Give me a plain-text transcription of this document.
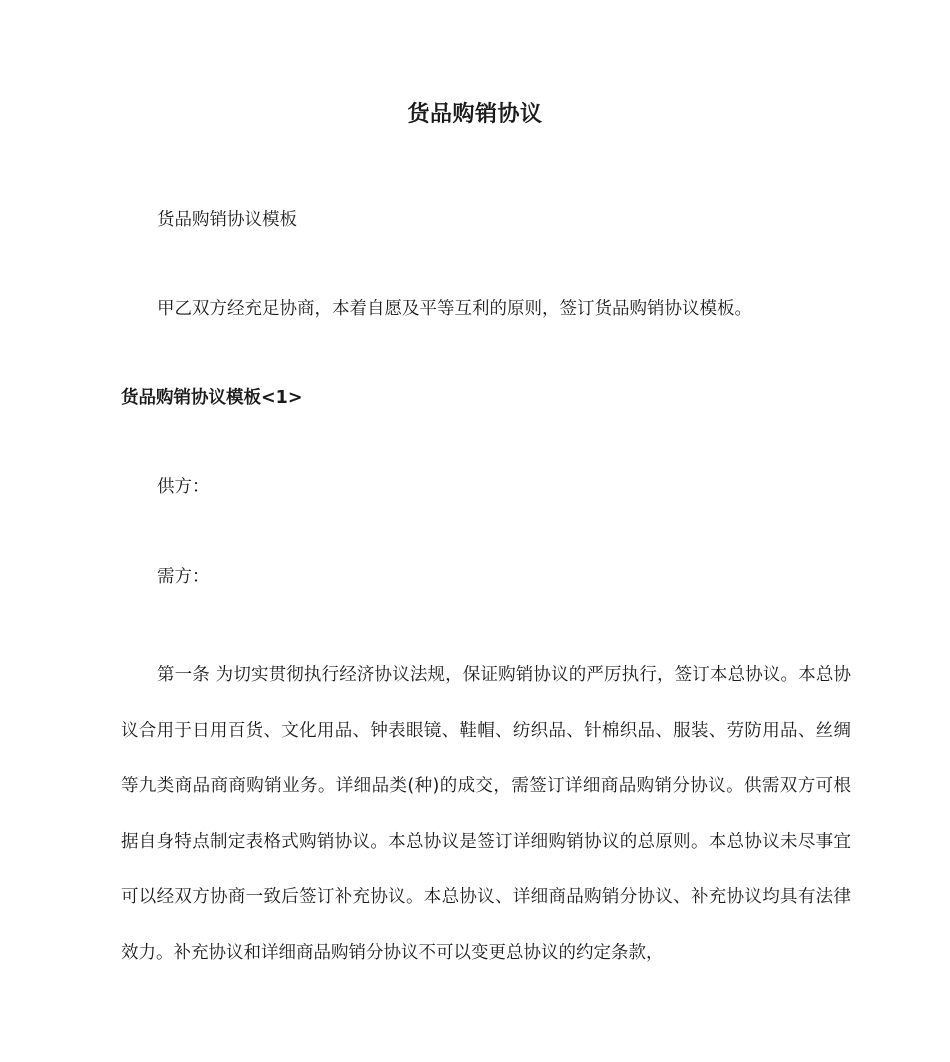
货品购销协议
货品购销协议模板
甲乙双方经充足协商，本着自愿及平等互利的原则，签订货品购销协议模板。
货品购销协议模板<1>
供方：
需方：

第一条 为切实贯彻执行经济协议法规，保证购销协议的严厉执行，签订本总协议。本总协议合用于日用百货、文化用品、钟表眼镜、鞋帽、纺织品、针棉织品、服装、劳防用品、丝绸等九类商品商商购销业务。详细品类(种)的成交，需签订详细商品购销分协议。供需双方可根据自身特点制定表格式购销协议。本总协议是签订详细购销协议的总原则。本总协议未尽事宜可以经双方协商一致后签订补充协议。本总协议、详细商品购销分协议、补充协议均具有法律效力。补充协议和详细商品购销分协议不可以变更总协议的约定条款，
